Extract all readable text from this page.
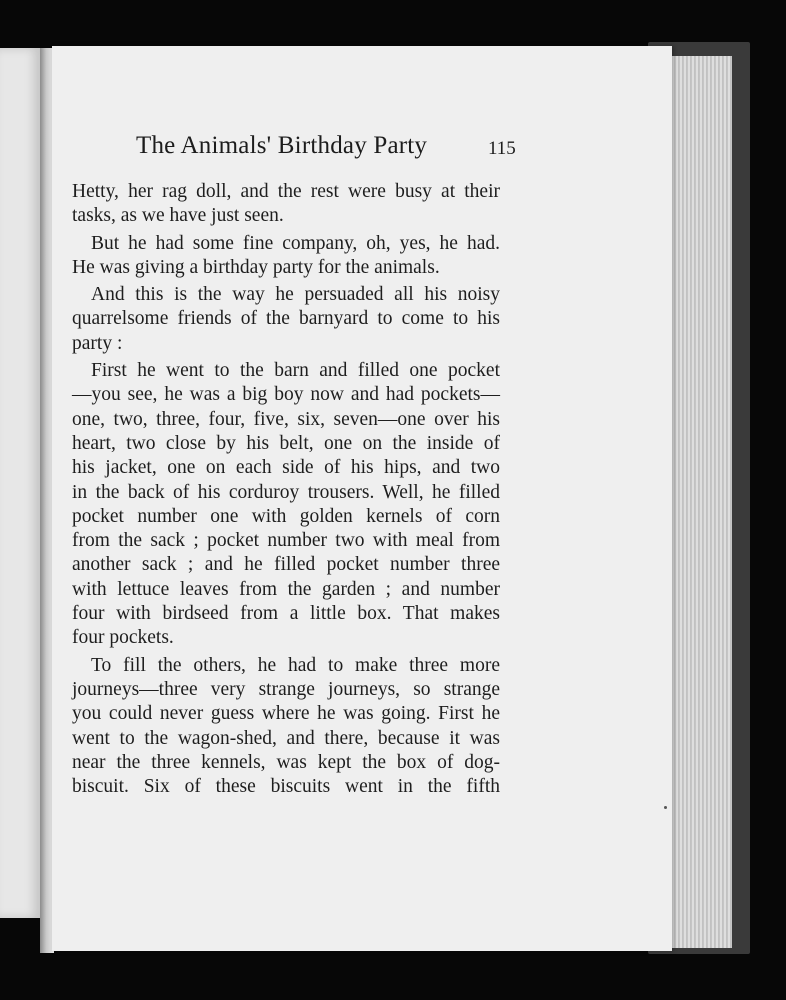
The Animals' Birthday Party	115
Hetty, her rag doll, and the rest were busy at their
tasks, as we have just seen.
But he had some fine company, oh, yes, he had.
He was giving a birthday party for the animals.
And this is the way he persuaded all his noisy
quarrelsome friends of the barnyard to come to his
party :
First he went to the barn and filled one pocket
—you see, he was a big boy now and had pockets—
one, two, three, four, five, six, seven—one over his
heart, two close by his belt, one on the inside of
his jacket, one on each side of his hips, and two
in the back of his corduroy trousers. Well, he filled
pocket number one with golden kernels of corn
from the sack ; pocket number two with meal from
another sack ; and he filled pocket number three
with lettuce leaves from the garden ; and number
four with birdseed from a little box. That makes
four pockets.
To fill the others, he had to make three more
journeys—three very strange journeys, so strange
you could never guess where he was going. First he
went to the wagon-shed, and there, because it was
near the three kennels, was kept the box of dog-
biscuit. Six of these biscuits went in the fifth
